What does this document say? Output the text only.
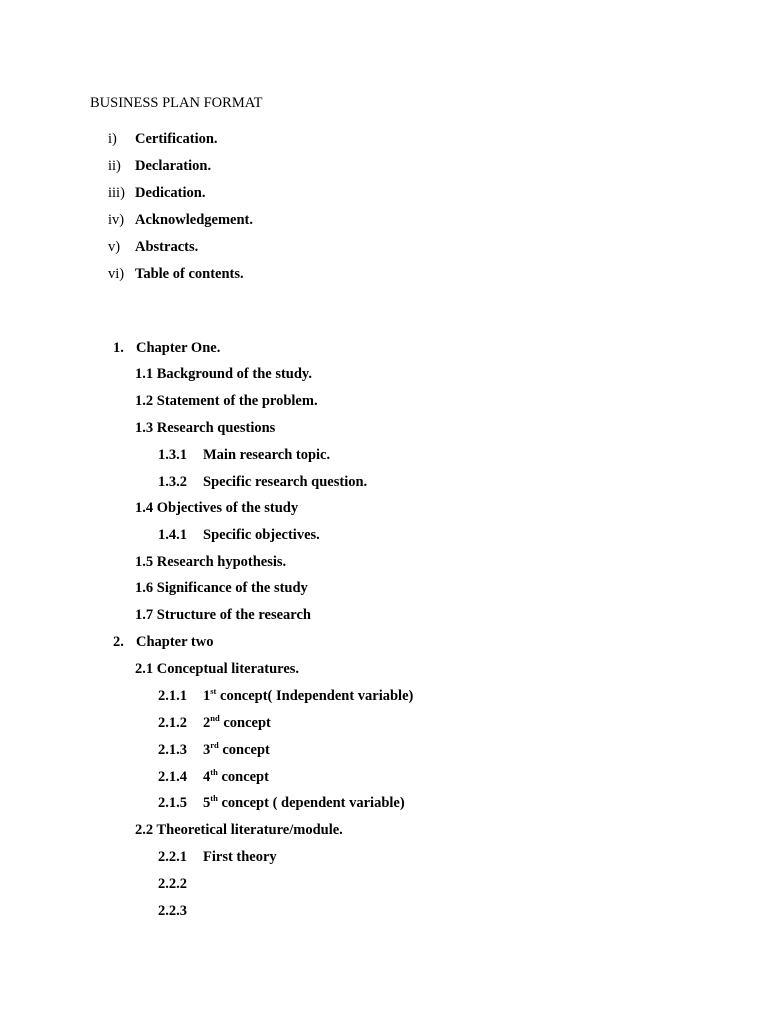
BUSINESS PLAN FORMAT
i) Certification.
ii) Declaration.
iii) Dedication.
iv) Acknowledgement.
v) Abstracts.
vi) Table of contents.
1. Chapter One.
1.1 Background of the study.
1.2 Statement of the problem.
1.3 Research questions
1.3.1 Main research topic.
1.3.2 Specific research question.
1.4 Objectives of the study
1.4.1 Specific objectives.
1.5 Research hypothesis.
1.6 Significance of the study
1.7 Structure of the research
2. Chapter two
2.1 Conceptual literatures.
2.1.1 1st concept( Independent variable)
2.1.2 2nd concept
2.1.3 3rd concept
2.1.4 4th concept
2.1.5 5th concept ( dependent variable)
2.2 Theoretical literature/module.
2.2.1 First theory
2.2.2
2.2.3
